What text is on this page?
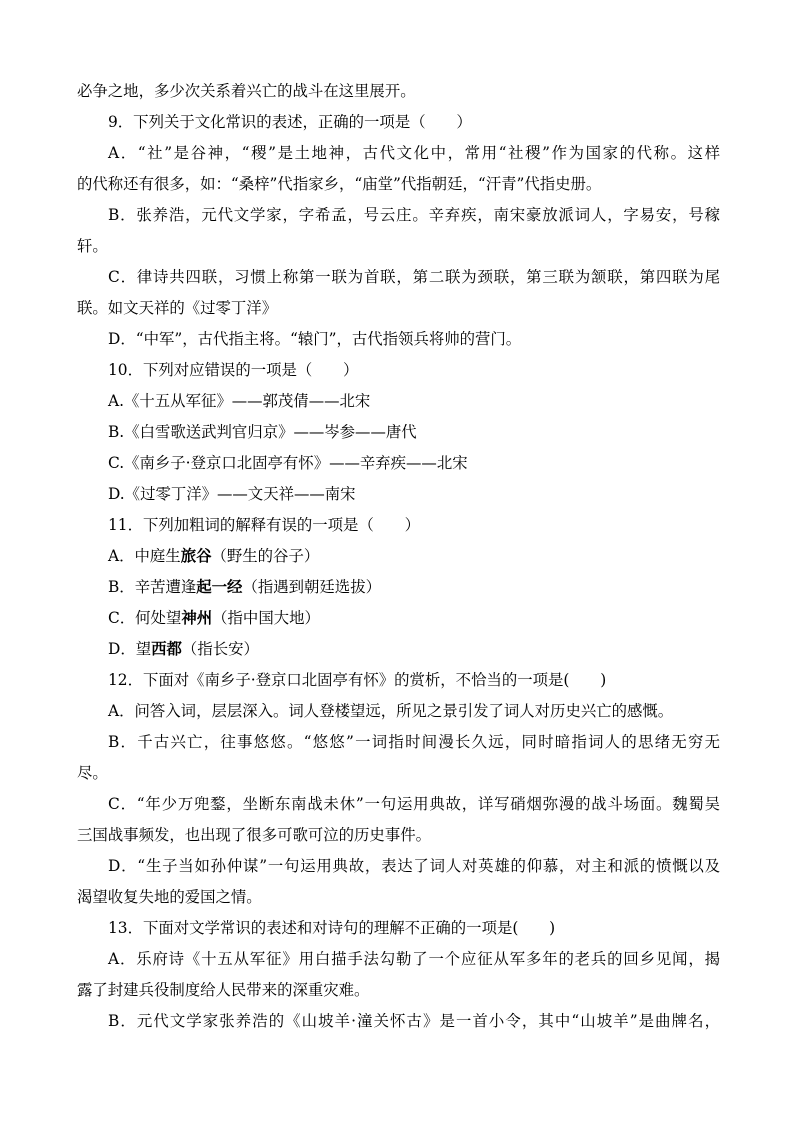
必争之地，多少次关系着兴亡的战斗在这里展开。
9．下列关于文化常识的表述，正确的一项是（　　）
A．“社”是谷神，“稷”是土地神，古代文化中，常用“社稷”作为国家的代称。这样
的代称还有很多，如：“桑梓”代指家乡，“庙堂”代指朝廷，“汗青”代指史册。
B．张养浩，元代文学家，字希孟，号云庄。辛弃疾，南宋豪放派词人，字易安，号稼
轩。
C．律诗共四联，习惯上称第一联为首联，第二联为颈联，第三联为颔联，第四联为尾
联。如文天祥的《过零丁洋》
D．“中军”，古代指主将。“辕门”，古代指领兵将帅的营门。
10．下列对应错误的一项是（　　）
A.《十五从军征》——郭茂倩——北宋
B.《白雪歌送武判官归京》——岑参——唐代
C.《南乡子·登京口北固亭有怀》——辛弃疾——北宋
D.《过零丁洋》——文天祥——南宋
11．下列加粗词的解释有误的一项是（　　）
A．中庭生旅谷（野生的谷子）
B．辛苦遭逢起一经（指遇到朝廷选拔）
C．何处望神州（指中国大地）
D．望西都（指长安）
12．下面对《南乡子·登京口北固亭有怀》的赏析，不恰当的一项是(　　)
A．问答入词，层层深入。词人登楼望远，所见之景引发了词人对历史兴亡的感慨。
B．千古兴亡，往事悠悠。“悠悠”一词指时间漫长久远，同时暗指词人的思绪无穷无
尽。
C．“年少万兜鍪，坐断东南战未休”一句运用典故，详写硝烟弥漫的战斗场面。魏蜀吴
三国战事频发，也出现了很多可歌可泣的历史事件。
D．“生子当如孙仲谋”一句运用典故，表达了词人对英雄的仰慕，对主和派的愤慨以及
渴望收复失地的爱国之情。
13．下面对文学常识的表述和对诗句的理解不正确的一项是(　　)
A．乐府诗《十五从军征》用白描手法勾勒了一个应征从军多年的老兵的回乡见闻，揭
露了封建兵役制度给人民带来的深重灾难。
B．元代文学家张养浩的《山坡羊·潼关怀古》是一首小令，其中“山坡羊”是曲牌名，
